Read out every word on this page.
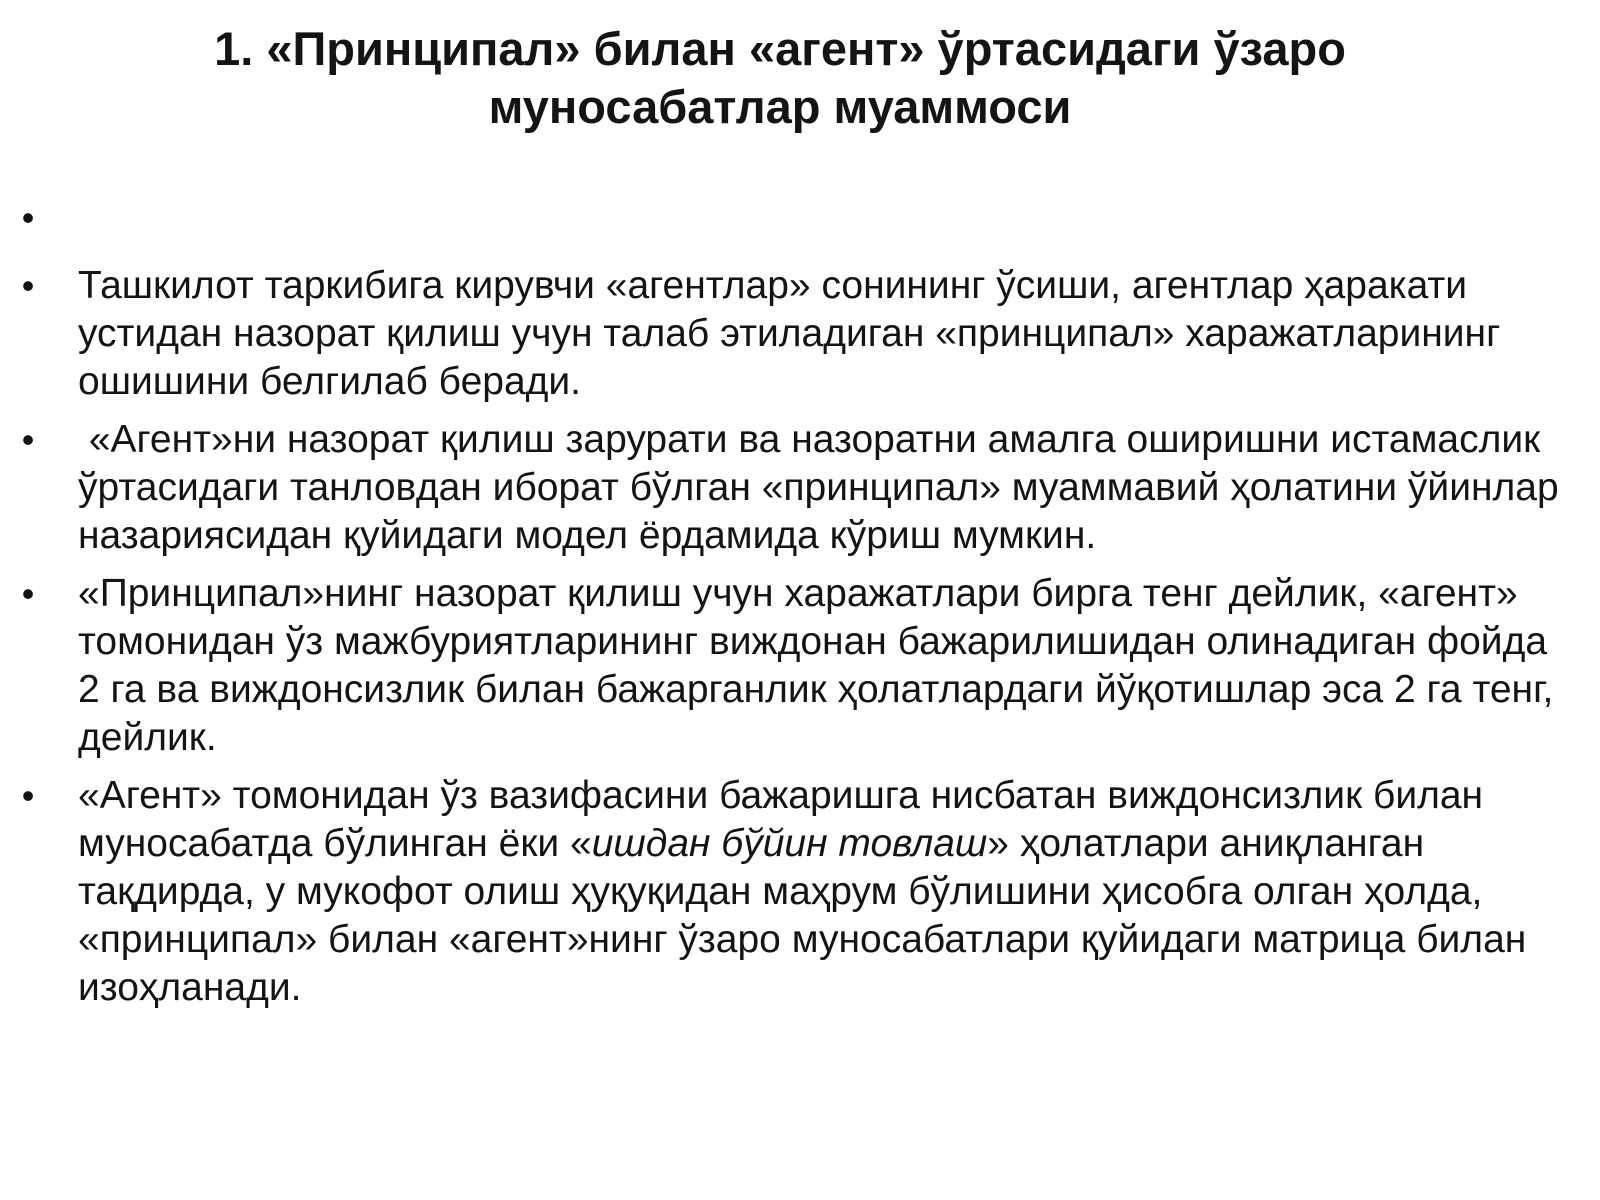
1. «Принципал» билан «агент» ўртасидаги ўзаро
муносабатлар муаммоси
•
• Ташкилот таркибига кирувчи «агентлар» сонининг ўсиши, агентлар ҳаракати устидан назорат қилиш учун талаб этиладиган «принципал» харажатларининг ошишини белгилаб беради.
• «Агент»ни назорат қилиш зарурати ва назоратни амалга оширишни истамаслик ўртасидаги танловдан иборат бўлган «принципал» муаммавий ҳолатини ўйинлар назариясидан қуйидаги модел ёрдамида кўриш мумкин.
• «Принципал»нинг назорат қилиш учун харажатлари бирга тенг дейлик, «агент» томонидан ўз мажбуриятларининг виждонан бажарилишидан олинадиган фойда 2 га ва виждонсизлик билан бажарганлик ҳолатлардаги йўқотишлар эса 2 га тенг, дейлик.
• «Агент» томонидан ўз вазифасини бажаришга нисбатан виждонсизлик билан муносабатда бўлинган ёки «ишдан бўйин товлаш» ҳолатлари аниқланган тақдирда, у мукофот олиш ҳуқуқидан маҳрум бўлишини ҳисобга олган ҳолда, «принципал» билан «агент»нинг ўзаро муносабатлари қуйидаги матрица билан изоҳланади.
